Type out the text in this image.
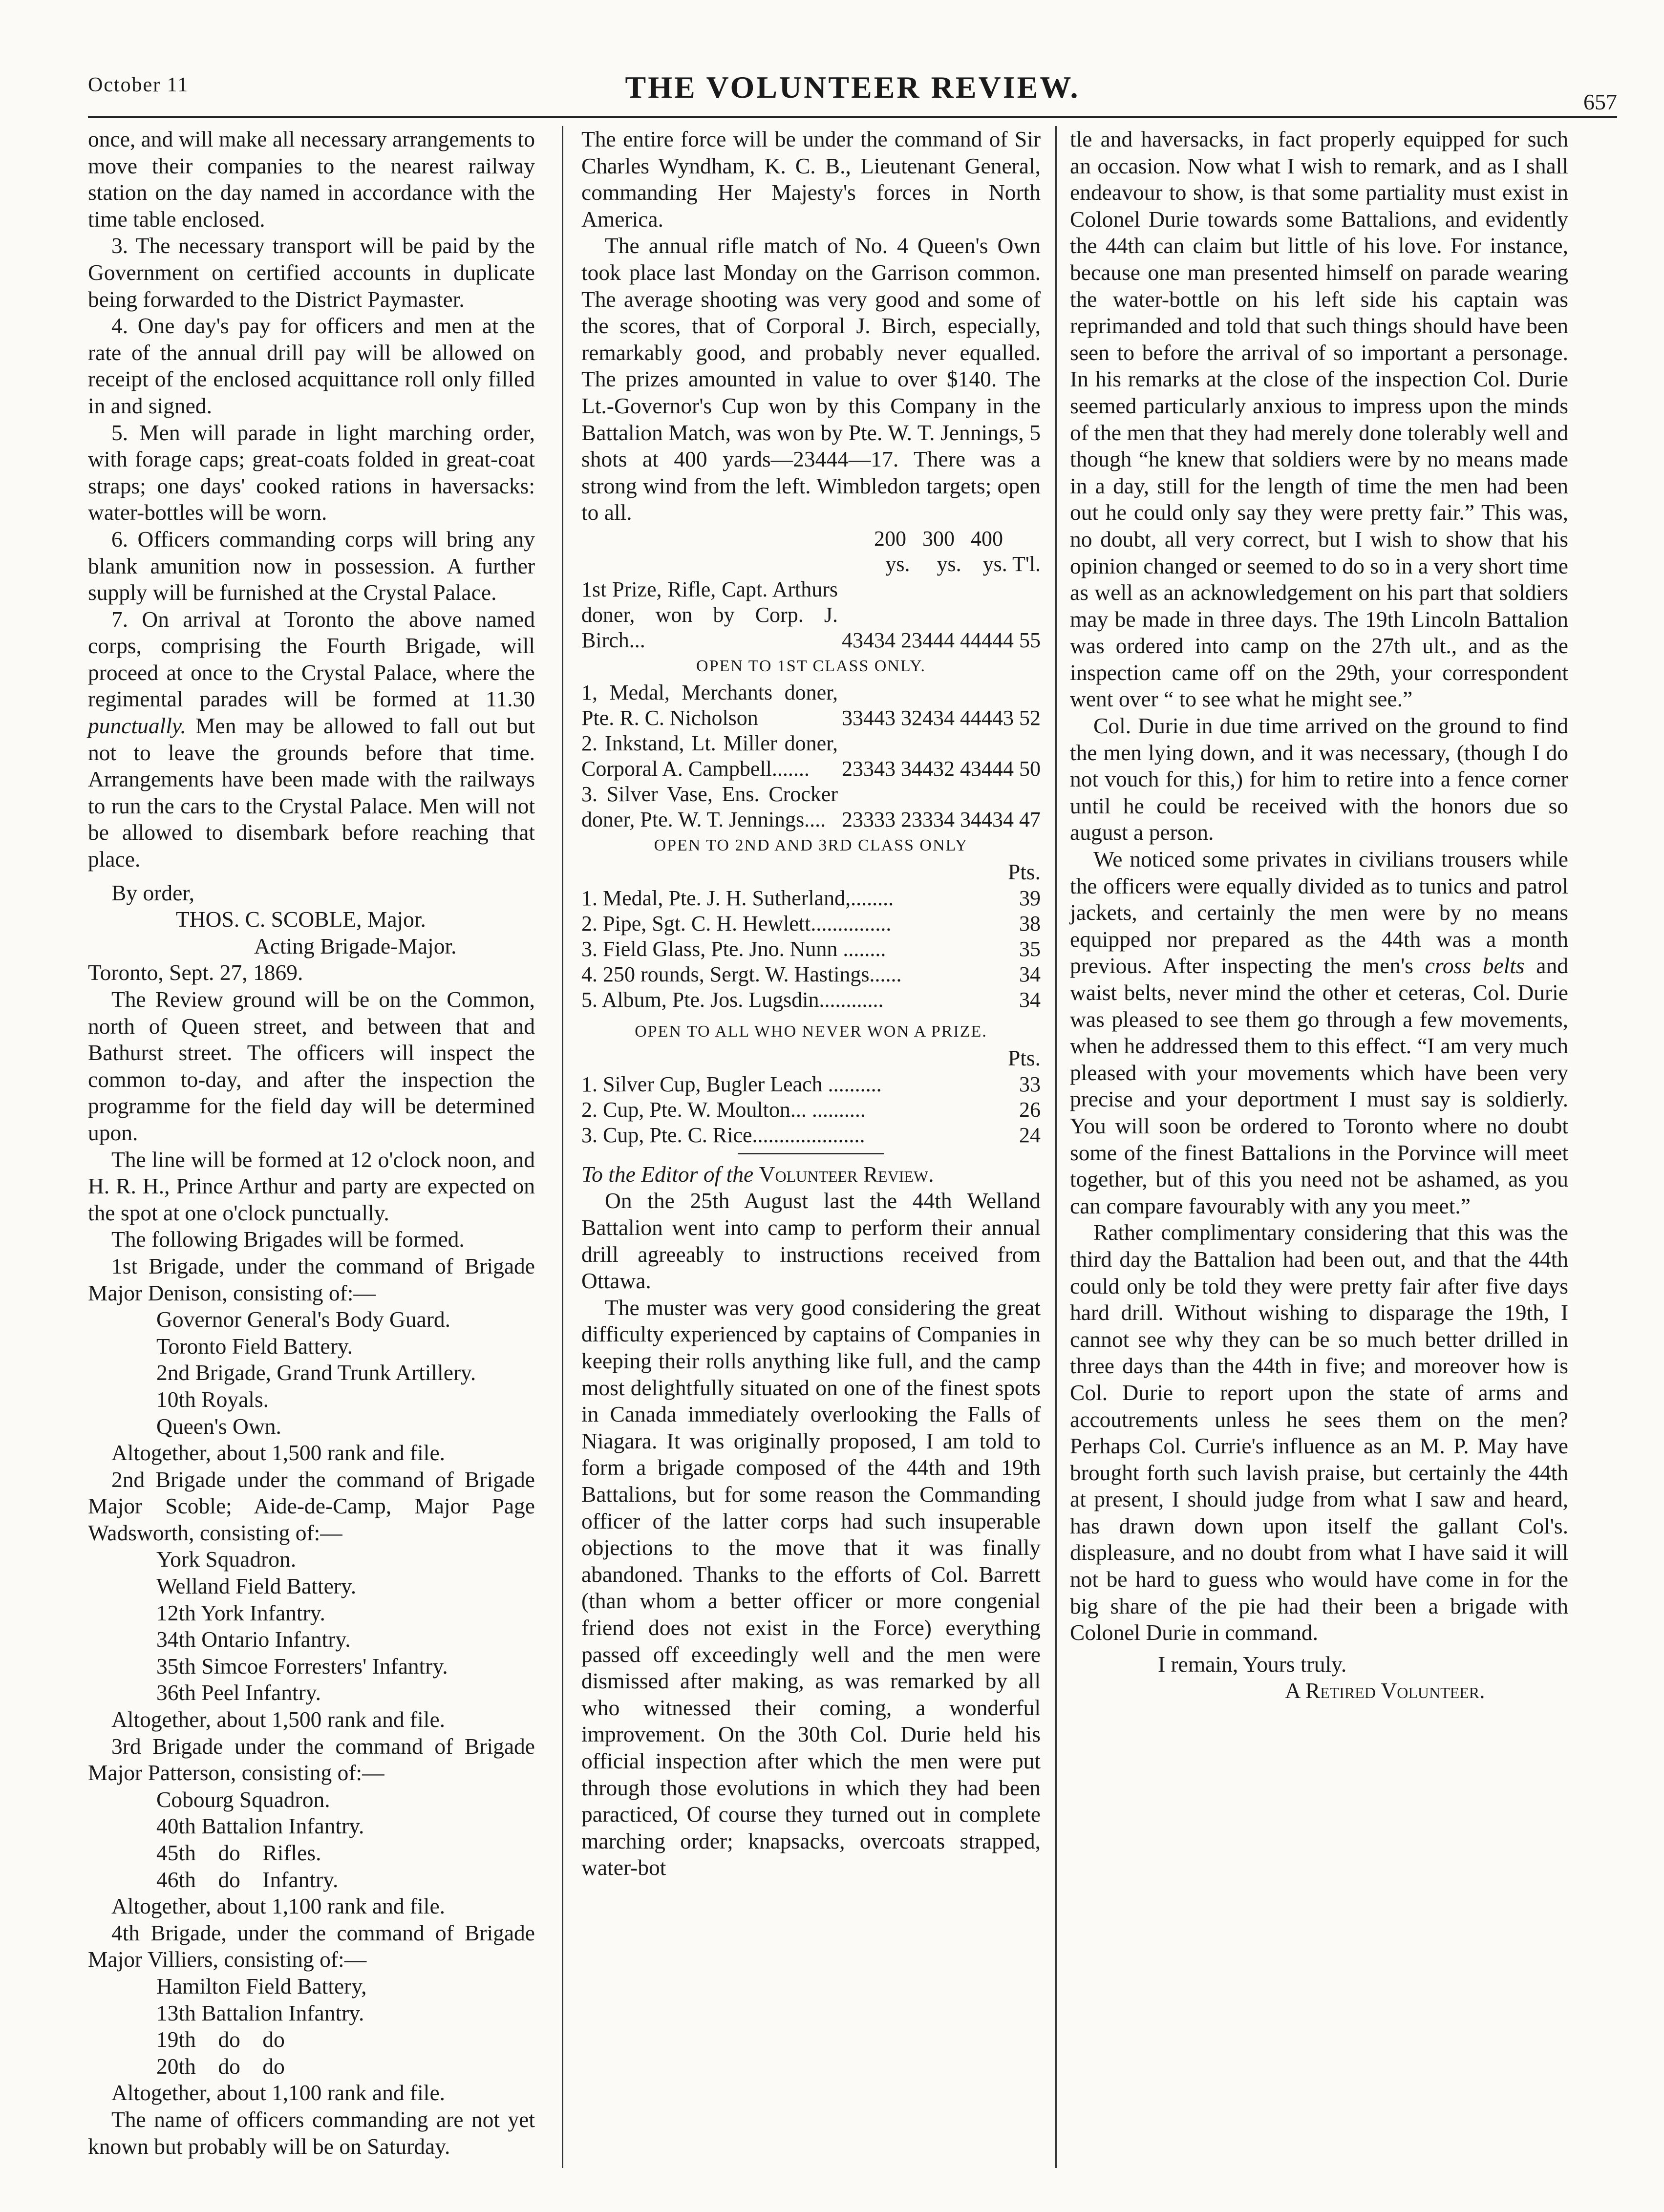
October 11	THE VOLUNTEER REVIEW.	657

once, and will make all necessary arrangements to move their companies to the nearest railway station on the day named in accordance with the time table enclosed.

3. The necessary transport will be paid by the Government on certified accounts in duplicate being forwarded to the District Paymaster.

4. One day's pay for officers and men at the rate of the annual drill pay will be allowed on receipt of the enclosed acquittance roll only filled in and signed.

5. Men will parade in light marching order, with forage caps; great-coats folded in great-coat straps; one days' cooked rations in haversacks: water-bottles will be worn.

6. Officers commanding corps will bring any blank amunition now in possession. A further supply will be furnished at the Crystal Palace.

7. On arrival at Toronto the above named corps, comprising the Fourth Brigade, will proceed at once to the Crystal Palace, where the regimental parades will be formed at 11.30 punctually. Men may be allowed to fall out but not to leave the grounds before that time. Arrangements have been made with the railways to run the cars to the Crystal Palace. Men will not be allowed to disembark before reaching that place.

By order,

THOS. C. SCOBLE, Major.

Acting Brigade-Major.

Toronto, Sept. 27, 1869.

The Review ground will be on the Common, north of Queen street, and between that and Bathurst street. The officers will inspect the common to-day, and after the inspection the programme for the field day will be determined upon.

The line will be formed at 12 o'clock noon, and H. R. H., Prince Arthur and party are expected on the spot at one o'clock punctually.

The following Brigades will be formed.

1st Brigade, under the command of Brigade Major Denison, consisting of:—

Governor General's Body Guard.

Toronto Field Battery.

2nd Brigade, Grand Trunk Artillery.

10th Royals.

Queen's Own.

Altogether, about 1,500 rank and file.

2nd Brigade under the command of Brigade Major Scoble; Aide-de-Camp, Major Page Wadsworth, consisting of:—

York Squadron.

Welland Field Battery.

12th York Infantry.

34th Ontario Infantry.

35th Simcoe Forresters' Infantry.

36th Peel Infantry.

Altogether, about 1,500 rank and file.

3rd Brigade under the command of Brigade Major Patterson, consisting of:—

Cobourg Squadron.

40th Battalion Infantry.

45th    do    Rifles.

46th    do    Infantry.

Altogether, about 1,100 rank and file.

4th Brigade, under the command of Brigade Major Villiers, consisting of:—

Hamilton Field Battery,

13th Battalion Infantry.

19th    do    do

20th    do    do

Altogether, about 1,100 rank and file.

The name of officers commanding are not yet known but probably will be on Saturday.

The entire force will be under the command of Sir Charles Wyndham, K. C. B., Lieutenant General, commanding Her Majesty's forces in North America.

The annual rifle match of No. 4 Queen's Own took place last Monday on the Garrison common. The average shooting was very good and some of the scores, that of Corporal J. Birch, especially, remarkably good, and probably never equalled. The prizes amounted in value to over $140. The Lt.-Governor's Cup won by this Company in the Battalion Match, was won by Pte. W. T. Jennings, 5 shots at 400 yards—23444—17. There was a strong wind from the left. Wimbledon targets; open to all.

	200 300 400
	ys. ys. ys. T'l.
1st Prize, Rifle, Capt. Arthurs doner, won by Corp. J. Birch...	43434 23444 44444 55

OPEN TO 1ST CLASS ONLY.

1, Medal, Merchants doner, Pte. R. C. Nicholson	33443 32434 44443 52
2. Inkstand, Lt. Miller doner, Corporal A. Campbell.......	23343 34432 43444 50
3. Silver Vase, Ens. Crocker doner, Pte. W. T. Jennings....	23333 23334 34434 47

OPEN TO 2ND AND 3RD CLASS ONLY

Pts.

1. Medal, Pte. J. H. Sutherland,........	39
2. Pipe, Sgt. C. H. Hewlett...............	38
3. Field Glass, Pte. Jno. Nunn ........	35
4. 250 rounds, Sergt. W. Hastings......	34
5. Album, Pte. Jos. Lugsdin............	34

OPEN TO ALL WHO NEVER WON A PRIZE.

Pts.

1. Silver Cup, Bugler Leach ..........	33
2. Cup, Pte. W. Moulton... ..........	26
3. Cup, Pte. C. Rice.....................	24

To the Editor of the Volunteer Review.

On the 25th August last the 44th Welland Battalion went into camp to perform their annual drill agreeably to instructions received from Ottawa.

The muster was very good considering the great difficulty experienced by captains of Companies in keeping their rolls anything like full, and the camp most delightfully situated on one of the finest spots in Canada immediately overlooking the Falls of Niagara. It was originally proposed, I am told to form a brigade composed of the 44th and 19th Battalions, but for some reason the Commanding officer of the latter corps had such insuperable objections to the move that it was finally abandoned. Thanks to the efforts of Col. Barrett (than whom a better officer or more congenial friend does not exist in the Force) everything passed off exceedingly well and the men were dismissed after making, as was remarked by all who witnessed their coming, a wonderful improvement. On the 30th Col. Durie held his official inspection after which the men were put through those evolutions in which they had been paracticed, Of course they turned out in complete marching order; knapsacks, overcoats strapped, water-bot

tle and haversacks, in fact properly equipped for such an occasion. Now what I wish to remark, and as I shall endeavour to show, is that some partiality must exist in Colonel Durie towards some Battalions, and evidently the 44th can claim but little of his love. For instance, because one man presented himself on parade wearing the water-bottle on his left side his captain was reprimanded and told that such things should have been seen to before the arrival of so important a personage. In his remarks at the close of the inspection Col. Durie seemed particularly anxious to impress upon the minds of the men that they had merely done tolerably well and though “he knew that soldiers were by no means made in a day, still for the length of time the men had been out he could only say they were pretty fair.” This was, no doubt, all very correct, but I wish to show that his opinion changed or seemed to do so in a very short time as well as an acknowledgement on his part that soldiers may be made in three days. The 19th Lincoln Battalion was ordered into camp on the 27th ult., and as the inspection came off on the 29th, your correspondent went over “ to see what he might see.”

Col. Durie in due time arrived on the ground to find the men lying down, and it was necessary, (though I do not vouch for this,) for him to retire into a fence corner until he could be received with the honors due so august a person.

We noticed some privates in civilians trousers while the officers were equally divided as to tunics and patrol jackets, and certainly the men were by no means equipped nor prepared as the 44th was a month previous. After inspecting the men's cross belts and waist belts, never mind the other et ceteras, Col. Durie was pleased to see them go through a few movements, when he addressed them to this effect. “I am very much pleased with your movements which have been very precise and your deportment I must say is soldierly. You will soon be ordered to Toronto where no doubt some of the finest Battalions in the Porvince will meet together, but of this you need not be ashamed, as you can compare favourably with any you meet.”

Rather complimentary considering that this was the third day the Battalion had been out, and that the 44th could only be told they were pretty fair after five days hard drill. Without wishing to disparage the 19th, I cannot see why they can be so much better drilled in three days than the 44th in five; and moreover how is Col. Durie to report upon the state of arms and accoutrements unless he sees them on the men? Perhaps Col. Currie's influence as an M. P. May have brought forth such lavish praise, but certainly the 44th at present, I should judge from what I saw and heard, has drawn down upon itself the gallant Col's. displeasure, and no doubt from what I have said it will not be hard to guess who would have come in for the big share of the pie had their been a brigade with Colonel Durie in command.

I remain, Yours truly.

A Retired Volunteer.
